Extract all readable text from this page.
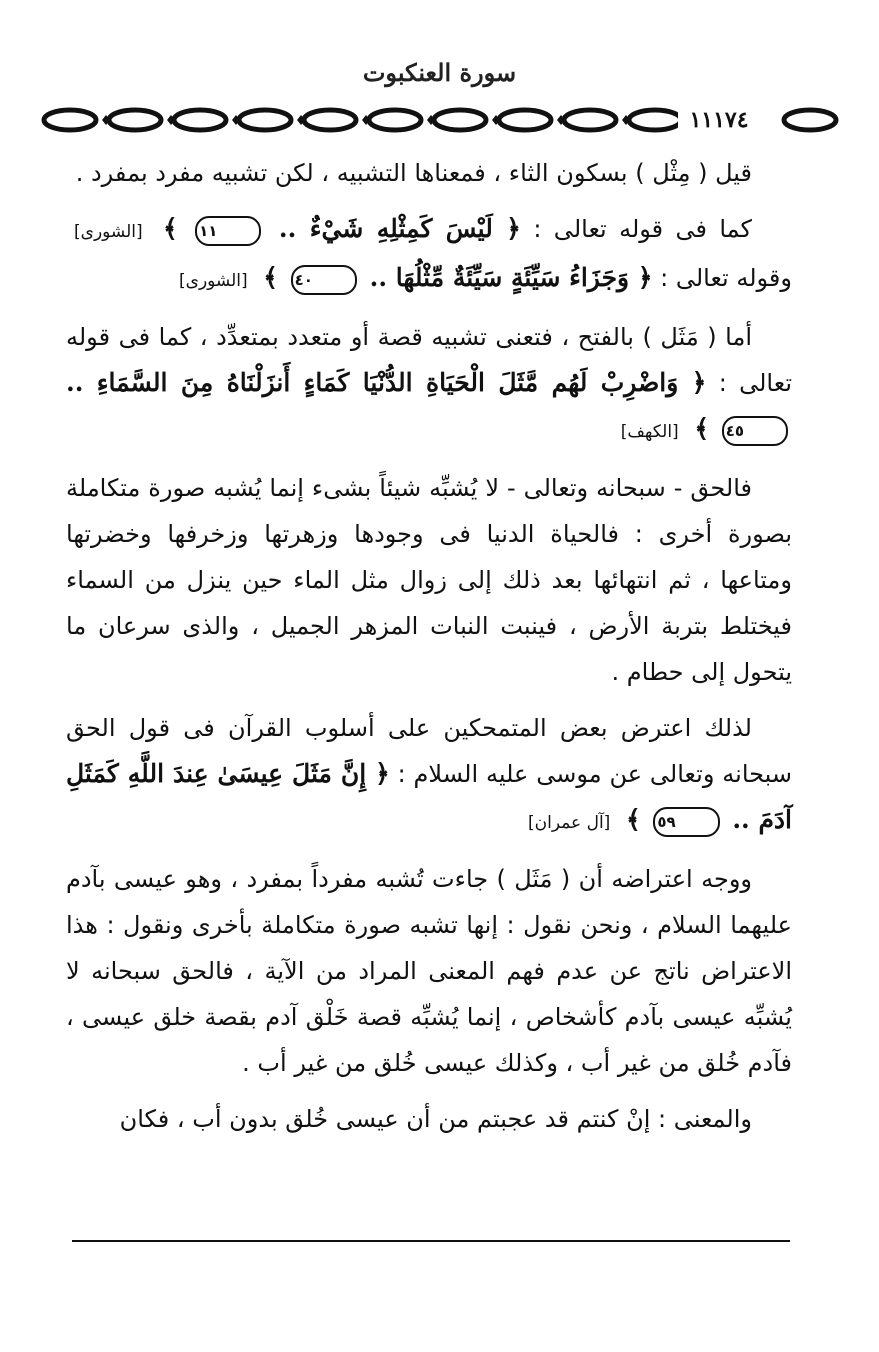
سورة العنكبوت
١١١٧٤

قيل ( مِثْل ) بسكون الثاء ، فمعناها التشبيه ، لكن تشبيه مفرد بمفرد .

كما فى قوله تعالى : ﴿ لَيْسَ كَمِثْلِهِ شَيْءٌ .. ١١ ﴾ [الشورى] وقوله تعالى : ﴿ وَجَزَاءُ سَيِّئَةٍ سَيِّئَةٌ مِّثْلُهَا .. ٤٠ ﴾ [الشورى]

أما ( مَثَل ) بالفتح ، فتعنى تشبيه قصة أو متعدد بمتعدِّد ، كما فى قوله تعالى : ﴿ وَاضْرِبْ لَهُم مَّثَلَ الْحَيَاةِ الدُّنْيَا كَمَاءٍ أَنزَلْنَاهُ مِنَ السَّمَاءِ .. ٤٥ ﴾ [الكهف]

فالحق - سبحانه وتعالى - لا يُشبِّه شيئاً بشىء إنما يُشبه صورة متكاملة بصورة أخرى : فالحياة الدنيا فى وجودها وزهرتها وزخرفها وخضرتها ومتاعها ، ثم انتهائها بعد ذلك إلى زوال مثل الماء حين ينزل من السماء فيختلط بتربة الأرض ، فينبت النبات المزهر الجميل ، والذى سرعان ما يتحول إلى حطام .

لذلك اعترض بعض المتمحكين على أسلوب القرآن فى قول الحق سبحانه وتعالى عن موسى عليه السلام : ﴿ إِنَّ مَثَلَ عِيسَىٰ عِندَ اللَّهِ كَمَثَلِ آدَمَ .. ٥٩ ﴾ [آل عمران]

ووجه اعتراضه أن ( مَثَل ) جاءت تُشبه مفرداً بمفرد ، وهو عيسى بآدم عليهما السلام ، ونحن نقول : إنها تشبه صورة متكاملة بأخرى ونقول : هذا الاعتراض ناتج عن عدم فهم المعنى المراد من الآية ، فالحق سبحانه لا يُشبِّه عيسى بآدم كأشخاص ، إنما يُشبِّه قصة خَلْق آدم بقصة خلق عيسى ، فآدم خُلق من غير أب ، وكذلك عيسى خُلق من غير أب .

والمعنى : إنْ كنتم قد عجبتم من أن عيسى خُلق بدون أب ، فكان
